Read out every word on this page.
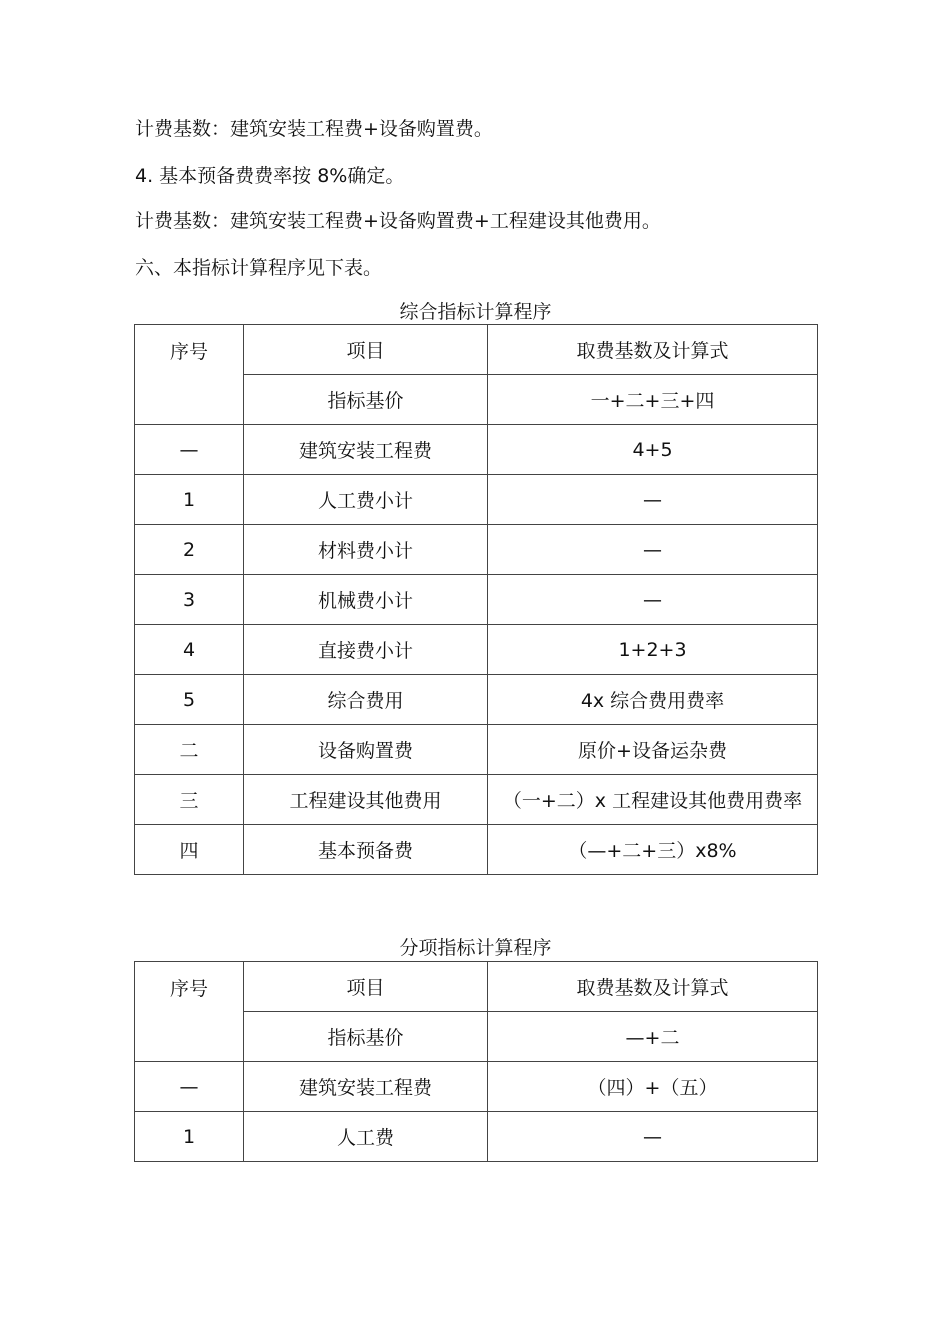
计费基数：建筑安装工程费+设备购置费。
4. 基本预备费费率按 8%确定。
计费基数：建筑安装工程费+设备购置费+工程建设其他费用。
六、本指标计算程序见下表。
综合指标计算程序
序号	项目	取费基数及计算式
	指标基价	一+二+三+四
—	建筑安装工程费	4+5
1	人工费小计	—
2	材料费小计	—
3	机械费小计	—
4	直接费小计	1+2+3
5	综合费用	4x 综合费用费率
二	设备购置费	原价+设备运杂费
三	工程建设其他费用	（一+二）x 工程建设其他费用费率
四	基本预备费	（—+二+三）x8%
分项指标计算程序
序号	项目	取费基数及计算式
	指标基价	—+二
—	建筑安装工程费	（四）+（五）
1	人工费	—
